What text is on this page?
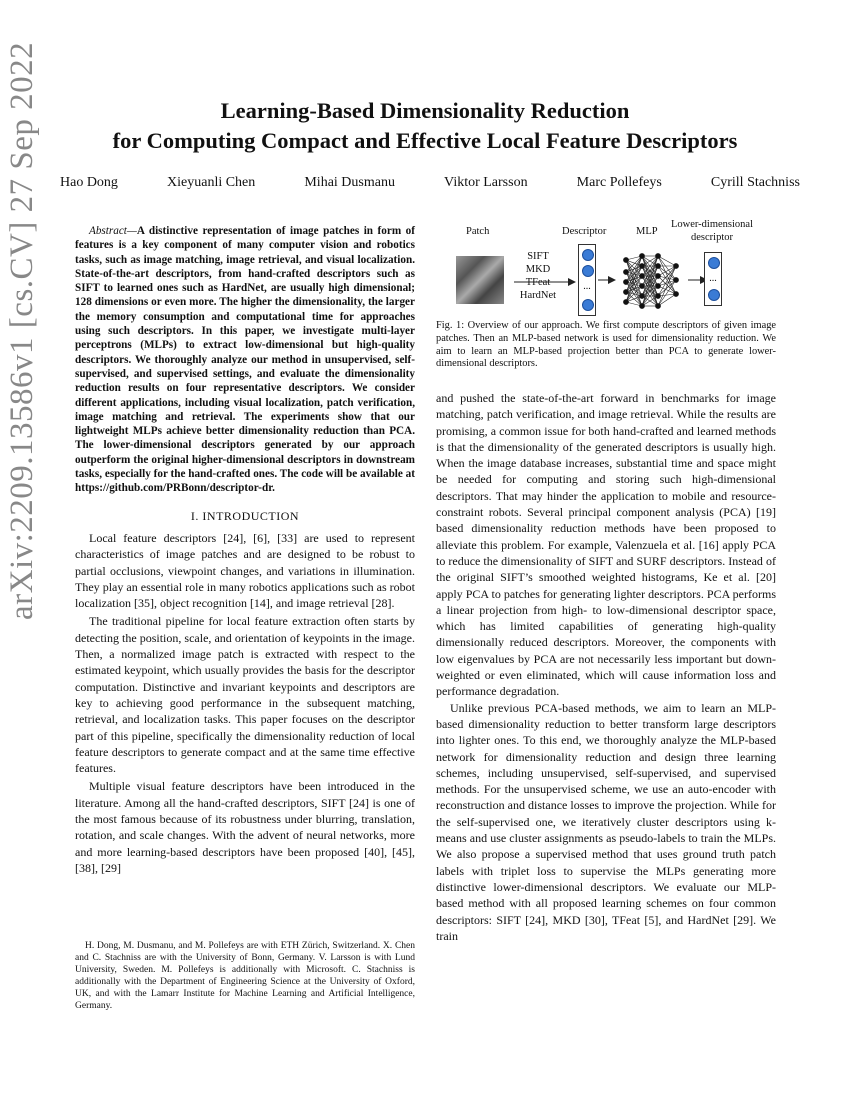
arXiv:2209.13586v1 [cs.CV] 27 Sep 2022	Learning-Based Dimensionality Reduction
for Computing Compact and Effective Local Feature Descriptors
Hao Dong	Xieyuanli Chen	Mihai Dusmanu	Viktor Larsson	Marc Pollefeys	Cyrill Stachniss

Abstract—A distinctive representation of image patches in form of features is a key component of many computer vision and robotics tasks, such as image matching, image retrieval, and visual localization. State-of-the-art descriptors, from hand-crafted descriptors such as SIFT to learned ones such as HardNet, are usually high dimensional; 128 dimensions or even more. The higher the dimensionality, the larger the memory consumption and computational time for approaches using such descriptors. In this paper, we investigate multi-layer perceptrons (MLPs) to extract low-dimensional but high-quality descriptors. We thoroughly analyze our method in unsupervised, self-supervised, and supervised settings, and evaluate the dimensionality reduction results on four representative descriptors. We consider different applications, including visual localization, patch verification, image matching and retrieval. The experiments show that our lightweight MLPs achieve better dimensionality reduction than PCA. The lower-dimensional descriptors generated by our approach outperform the original higher-dimensional descriptors in downstream tasks, especially for the hand-crafted ones. The code will be available at https://github.com/PRBonn/descriptor-dr.

I. INTRODUCTION

Local feature descriptors [24], [6], [33] are used to represent characteristics of image patches and are designed to be robust to partial occlusions, viewpoint changes, and variations in illumination. They play an essential role in many robotics applications such as robot localization [35], object recognition [14], and image retrieval [28].

The traditional pipeline for local feature extraction often starts by detecting the position, scale, and orientation of keypoints in the image. Then, a normalized image patch is extracted with respect to the estimated keypoint, which usually provides the basis for the descriptor computation. Distinctive and invariant keypoints and descriptors are key to achieving good performance in the subsequent matching, retrieval, and localization tasks. This paper focuses on the descriptor part of this pipeline, specifically the dimensionality reduction of local feature descriptors to generate compact and at the same time effective features.

Multiple visual feature descriptors have been introduced in the literature. Among all the hand-crafted descriptors, SIFT [24] is one of the most famous because of its robustness under blurring, translation, rotation, and scale changes. With the advent of neural networks, more and more learning-based descriptors have been proposed [40], [45], [38], [29]

H. Dong, M. Dusmanu, and M. Pollefeys are with ETH Zürich, Switzerland. X. Chen and C. Stachniss are with the University of Bonn, Germany. V. Larsson is with Lund University, Sweden. M. Pollefeys is additionally with Microsoft. C. Stachniss is additionally with the Department of Engineering Science at the University of Oxford, UK, and with the Lamarr Institute for Machine Learning and Artificial Intelligence, Germany.
Patch	Descriptor	MLP
Lower-dimensional descriptor
SIFT
MKD
TFeat
HardNet
...
...
Fig. 1: Overview of our approach. We first compute descriptors of given image patches. Then an MLP-based network is used for dimensionality reduction. We aim to learn an MLP-based projection better than PCA to generate lower-dimensional descriptors.

and pushed the state-of-the-art forward in benchmarks for image matching, patch verification, and image retrieval. While the results are promising, a common issue for both hand-crafted and learned methods is that the dimensionality of the generated descriptors is usually high. When the image database increases, substantial time and space might be needed for computing and storing such high-dimensional descriptors. That may hinder the application to mobile and resource-constraint robots. Several principal component analysis (PCA) [19] based dimensionality reduction methods have been proposed to alleviate this problem. For example, Valenzuela et al. [16] apply PCA to reduce the dimensionality of SIFT and SURF descriptors. Instead of the original SIFT’s smoothed weighted histograms, Ke et al. [20] apply PCA to patches for generating lighter descriptors. PCA performs a linear projection from high- to low-dimensional descriptor space, which has limited capabilities of generating high-quality dimensionally reduced descriptors. Moreover, the components with low eigenvalues by PCA are not necessarily less important but down-weighted or even eliminated, which will cause information loss and performance degradation.

Unlike previous PCA-based methods, we aim to learn an MLP-based dimensionality reduction to better transform large descriptors into lighter ones. To this end, we thoroughly analyze the MLP-based network for dimensionality reduction and design three learning schemes, including unsupervised, self-supervised, and supervised methods. For the unsupervised scheme, we use an auto-encoder with reconstruction and distance losses to improve the projection. While for the self-supervised one, we iteratively cluster descriptors using k-means and use cluster assignments as pseudo-labels to train the MLPs. We also propose a supervised method that uses ground truth patch labels with triplet loss to supervise the MLPs generating more distinctive lower-dimensional descriptors. We evaluate our MLP-based method with all proposed learning schemes on four common descriptors: SIFT [24], MKD [30], TFeat [5], and HardNet [29]. We train
